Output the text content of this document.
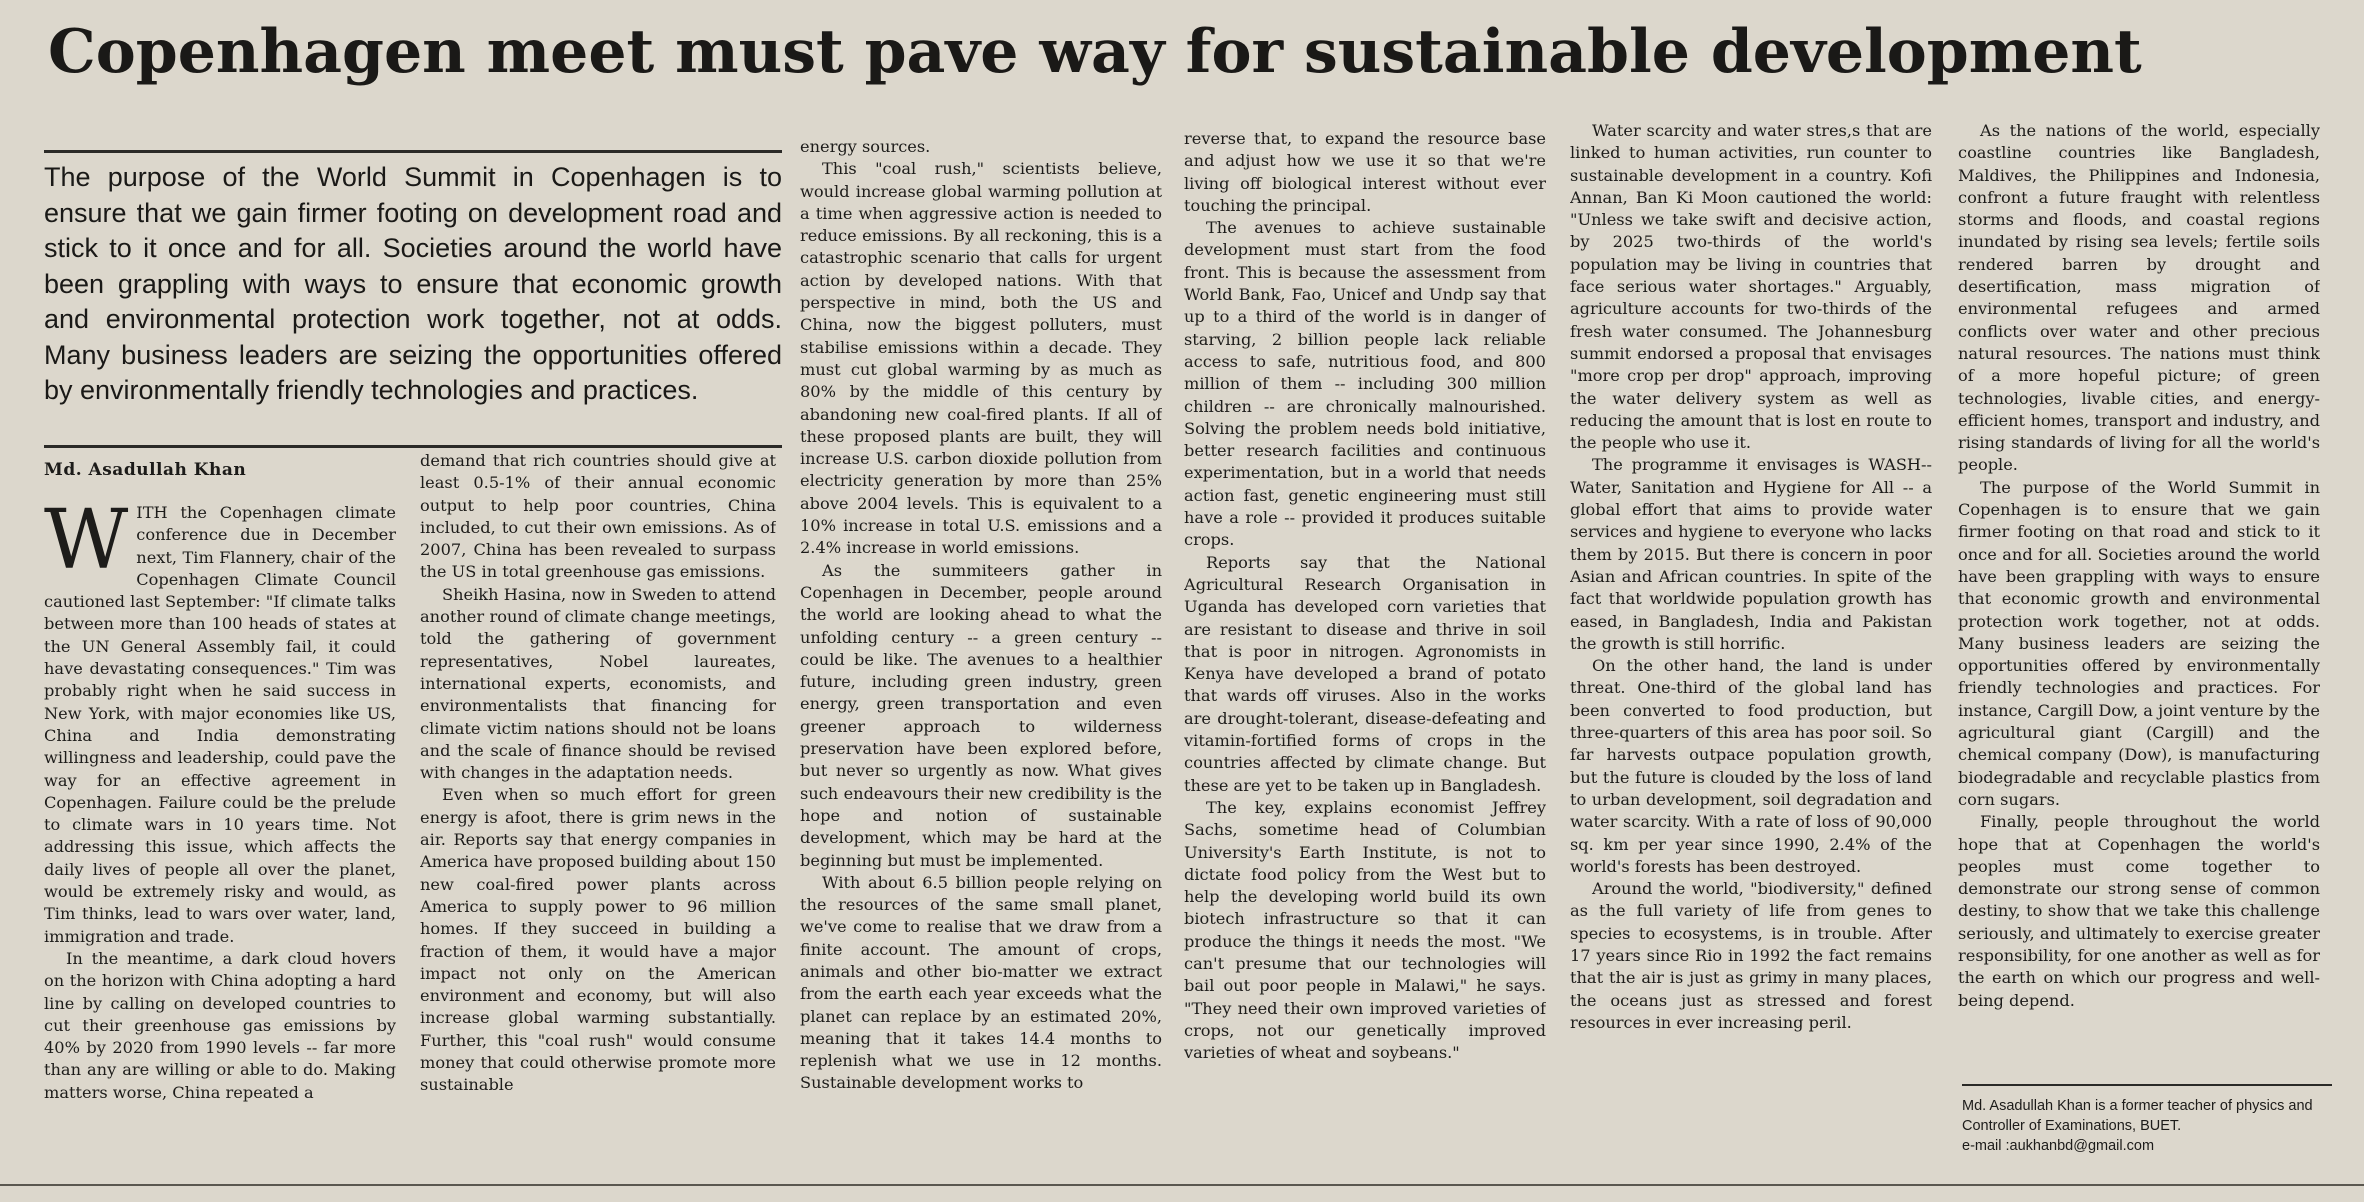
Copenhagen meet must pave way for sustainable development
The purpose of the World Summit in Copenhagen is to ensure that we gain firmer footing on development road and stick to it once and for all. Societies around the world have been grappling with ways to ensure that economic growth and environmental protection work together, not at odds. Many business leaders are seizing the opportunities offered by environmentally friendly technologies and practices.
Md. Asadullah Khan

WITH the Copenhagen climate conference due in December next, Tim Flannery, chair of the Copenhagen Climate Council cautioned last September: "If climate talks between more than 100 heads of states at the UN General Assembly fail, it could have devastating consequences." Tim was probably right when he said success in New York, with major economies like US, China and India demonstrating willingness and leadership, could pave the way for an effective agreement in Copenhagen. Failure could be the prelude to climate wars in 10 years time. Not addressing this issue, which affects the daily lives of people all over the planet, would be extremely risky and would, as Tim thinks, lead to wars over water, land, immigration and trade.

In the meantime, a dark cloud hovers on the horizon with China adopting a hard line by calling on developed countries to cut their greenhouse gas emissions by 40% by 2020 from 1990 levels -- far more than any are willing or able to do. Making matters worse, China repeated a

demand that rich countries should give at least 0.5-1% of their annual economic output to help poor countries, China included, to cut their own emissions. As of 2007, China has been revealed to surpass the US in total greenhouse gas emissions.

Sheikh Hasina, now in Sweden to attend another round of climate change meetings, told the gathering of government representatives, Nobel laureates, international experts, economists, and environmentalists that financing for climate victim nations should not be loans and the scale of finance should be revised with changes in the adaptation needs.

Even when so much effort for green energy is afoot, there is grim news in the air. Reports say that energy companies in America have proposed building about 150 new coal-fired power plants across America to supply power to 96 million homes. If they succeed in building a fraction of them, it would have a major impact not only on the American environment and economy, but will also increase global warming substantially. Further, this "coal rush" would consume money that could otherwise promote more sustainable

energy sources.

This "coal rush," scientists believe, would increase global warming pollution at a time when aggressive action is needed to reduce emissions. By all reckoning, this is a catastrophic scenario that calls for urgent action by developed nations. With that perspective in mind, both the US and China, now the biggest polluters, must stabilise emissions within a decade. They must cut global warming by as much as 80% by the middle of this century by abandoning new coal-fired plants. If all of these proposed plants are built, they will increase U.S. carbon dioxide pollution from electricity generation by more than 25% above 2004 levels. This is equivalent to a 10% increase in total U.S. emissions and a 2.4% increase in world emissions.

As the summiteers gather in Copenhagen in December, people around the world are looking ahead to what the unfolding century -- a green century -- could be like. The avenues to a healthier future, including green industry, green energy, green transportation and even greener approach to wilderness preservation have been explored before, but never so urgently as now. What gives such endeavours their new credibility is the hope and notion of sustainable development, which may be hard at the beginning but must be implemented.

With about 6.5 billion people relying on the resources of the same small planet, we've come to realise that we draw from a finite account. The amount of crops, animals and other bio-matter we extract from the earth each year exceeds what the planet can replace by an estimated 20%, meaning that it takes 14.4 months to replenish what we use in 12 months. Sustainable development works to

reverse that, to expand the resource base and adjust how we use it so that we're living off biological interest without ever touching the principal.

The avenues to achieve sustainable development must start from the food front. This is because the assessment from World Bank, Fao, Unicef and Undp say that up to a third of the world is in danger of starving, 2 billion people lack reliable access to safe, nutritious food, and 800 million of them -- including 300 million children -- are chronically malnourished. Solving the problem needs bold initiative, better research facilities and continuous experimentation, but in a world that needs action fast, genetic engineering must still have a role -- provided it produces suitable crops.

Reports say that the National Agricultural Research Organisation in Uganda has developed corn varieties that are resistant to disease and thrive in soil that is poor in nitrogen. Agronomists in Kenya have developed a brand of potato that wards off viruses. Also in the works are drought-tolerant, disease-defeating and vitamin-fortified forms of crops in the countries affected by climate change. But these are yet to be taken up in Bangladesh.

The key, explains economist Jeffrey Sachs, sometime head of Columbian University's Earth Institute, is not to dictate food policy from the West but to help the developing world build its own biotech infrastructure so that it can produce the things it needs the most. "We can't presume that our technologies will bail out poor people in Malawi," he says. "They need their own improved varieties of crops, not our genetically improved varieties of wheat and soybeans."

Water scarcity and water stres,s that are linked to human activities, run counter to sustainable development in a country. Kofi Annan, Ban Ki Moon cautioned the world: "Unless we take swift and decisive action, by 2025 two-thirds of the world's population may be living in countries that face serious water shortages." Arguably, agriculture accounts for two-thirds of the fresh water consumed. The Johannesburg summit endorsed a proposal that envisages "more crop per drop" approach, improving the water delivery system as well as reducing the amount that is lost en route to the people who use it.

The programme it envisages is WASH-- Water, Sanitation and Hygiene for All -- a global effort that aims to provide water services and hygiene to everyone who lacks them by 2015. But there is concern in poor Asian and African countries. In spite of the fact that worldwide population growth has eased, in Bangladesh, India and Pakistan the growth is still horrific.

On the other hand, the land is under threat. One-third of the global land has been converted to food production, but three-quarters of this area has poor soil. So far harvests outpace population growth, but the future is clouded by the loss of land to urban development, soil degradation and water scarcity. With a rate of loss of 90,000 sq. km per year since 1990, 2.4% of the world's forests has been destroyed.

Around the world, "biodiversity," defined as the full variety of life from genes to species to ecosystems, is in trouble. After 17 years since Rio in 1992 the fact remains that the air is just as grimy in many places, the oceans just as stressed and forest resources in ever increasing peril.

As the nations of the world, especially coastline countries like Bangladesh, Maldives, the Philippines and Indonesia, confront a future fraught with relentless storms and floods, and coastal regions inundated by rising sea levels; fertile soils rendered barren by drought and desertification, mass migration of environmental refugees and armed conflicts over water and other precious natural resources. The nations must think of a more hopeful picture; of green technologies, livable cities, and energy-efficient homes, transport and industry, and rising standards of living for all the world's people.

The purpose of the World Summit in Copenhagen is to ensure that we gain firmer footing on that road and stick to it once and for all. Societies around the world have been grappling with ways to ensure that economic growth and environmental protection work together, not at odds. Many business leaders are seizing the opportunities offered by environmentally friendly technologies and practices. For instance, Cargill Dow, a joint venture by the agricultural giant (Cargill) and the chemical company (Dow), is manufacturing biodegradable and recyclable plastics from corn sugars.

Finally, people throughout the world hope that at Copenhagen the world's peoples must come together to demonstrate our strong sense of common destiny, to show that we take this challenge seriously, and ultimately to exercise greater responsibility, for one another as well as for the earth on which our progress and well-being depend.

Md. Asadullah Khan is a former teacher of physics and
Controller of Examinations, BUET.
e-mail :aukhanbd@gmail.com
